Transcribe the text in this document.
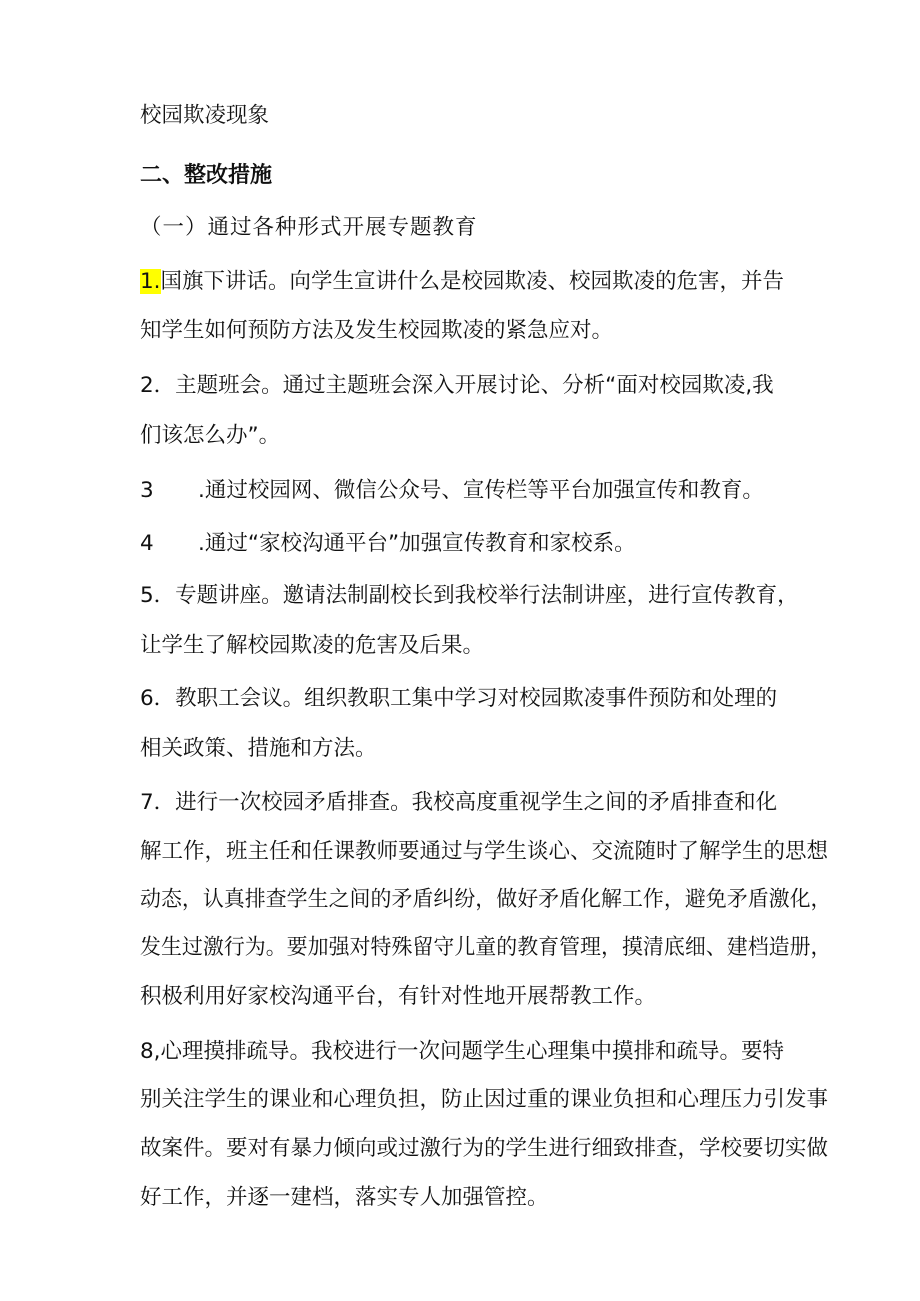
校园欺凌现象
二、整改措施
（一）通过各种形式开展专题教育
1.国旗下讲话。向学生宣讲什么是校园欺凌、校园欺凌的危害，并告
知学生如何预防方法及发生校园欺凌的紧急应对。
2．主题班会。通过主题班会深入开展讨论、分析“面对校园欺凌,我
们该怎么办”。
3 .通过校园网、微信公众号、宣传栏等平台加强宣传和教育。
4 .通过“家校沟通平台”加强宣传教育和家校系。
5．专题讲座。邀请法制副校长到我校举行法制讲座，进行宣传教育，
让学生了解校园欺凌的危害及后果。
6．教职工会议。组织教职工集中学习对校园欺凌事件预防和处理的
相关政策、措施和方法。
7．进行一次校园矛盾排查。我校高度重视学生之间的矛盾排查和化
解工作，班主任和任课教师要通过与学生谈心、交流随时了解学生的思想
动态，认真排查学生之间的矛盾纠纷，做好矛盾化解工作，避免矛盾激化，
发生过激行为。要加强对特殊留守儿童的教育管理，摸清底细、建档造册，
积极利用好家校沟通平台，有针对性地开展帮教工作。
8,心理摸排疏导。我校进行一次问题学生心理集中摸排和疏导。要特
别关注学生的课业和心理负担，防止因过重的课业负担和心理压力引发事
故案件。要对有暴力倾向或过激行为的学生进行细致排查，学校要切实做
好工作，并逐一建档，落实专人加强管控。
